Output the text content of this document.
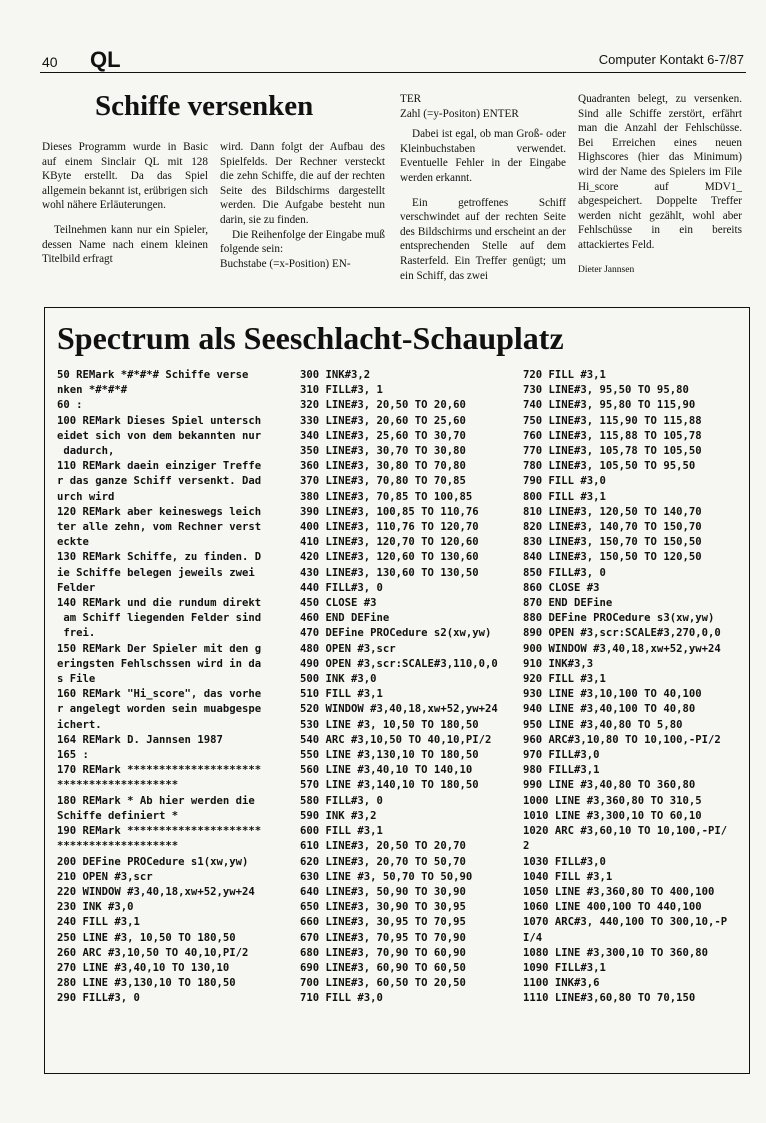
40 QL	Computer Kontakt 6-7/87
Schiffe versenken

Dieses Programm wurde in Basic auf einem Sinclair QL mit 128 KByte erstellt. Da das Spiel allgemein bekannt ist, erübrigen sich wohl nähere Erläuterungen.

Teilnehmen kann nur ein Spieler, dessen Name nach einem kleinen Titelbild erfragt

wird. Dann folgt der Aufbau des Spielfelds. Der Rechner versteckt die zehn Schiffe, die auf der rechten Seite des Bildschirms dargestellt werden. Die Aufgabe besteht nun darin, sie zu finden.

Die Reihenfolge der Eingabe muß folgende sein:

Buchstabe (=x-Position) EN-

TER

Zahl (=y-Positon) ENTER

Dabei ist egal, ob man Groß- oder Kleinbuchstaben verwendet. Eventuelle Fehler in der Eingabe werden erkannt.

Ein getroffenes Schiff verschwindet auf der rechten Seite des Bildschirms und erscheint an der entsprechenden Stelle auf dem Rasterfeld. Ein Treffer genügt; um ein Schiff, das zwei

Quadranten belegt, zu versenken. Sind alle Schiffe zerstört, erfährt man die Anzahl der Fehlschüsse. Bei Erreichen eines neuen Highscores (hier das Minimum) wird der Name des Spielers im File Hi_score auf MDV1_ abgespeichert. Doppelte Treffer werden nicht gezählt, wohl aber Fehlschüsse in ein bereits attackiertes Feld.

Dieter Jannsen
Spectrum als Seeschlacht-Schauplatz
50 REMark *#*#*# Schiffe verse
nken *#*#*#
60 :
100 REMark Dieses Spiel untersch
eidet sich von dem bekannten nur
dadurch,
110 REMark daein einziger Treffe
r das ganze Schiff versenkt. Dad
urch wird
120 REMark aber keineswegs leich
ter alle zehn, vom Rechner verst
eckte
130 REMark Schiffe, zu finden. D
ie Schiffe belegen jeweils zwei
Felder
140 REMark und die rundum direkt
am Schiff liegenden Felder sind
frei.
150 REMark Der Spieler mit den g
eringsten Fehlschssen wird in da
s File
160 REMark "Hi_score", das vorhe
r angelegt worden sein muabgespe
ichert.
164 REMark D. Jannsen 1987
165 :
170 REMark *********************
*******************
180 REMark * Ab hier werden die
Schiffe definiert *
190 REMark *********************
*******************
200 DEFine PROCedure s1(xw,yw)
210 OPEN #3,scr
220 WINDOW #3,40,18,xw+52,yw+24
230 INK #3,0
240 FILL #3,1
250 LINE #3, 10,50 TO 180,50
260 ARC #3,10,50 TO 40,10,PI/2
270 LINE #3,40,10 TO 130,10
280 LINE #3,130,10 TO 180,50
290 FILL#3, 0
300 INK#3,2
310 FILL#3, 1
320 LINE#3, 20,50 TO 20,60
330 LINE#3, 20,60 TO 25,60
340 LINE#3, 25,60 TO 30,70
350 LINE#3, 30,70 TO 30,80
360 LINE#3, 30,80 TO 70,80
370 LINE#3, 70,80 TO 70,85
380 LINE#3, 70,85 TO 100,85
390 LINE#3, 100,85 TO 110,76
400 LINE#3, 110,76 TO 120,70
410 LINE#3, 120,70 TO 120,60
420 LINE#3, 120,60 TO 130,60
430 LINE#3, 130,60 TO 130,50
440 FILL#3, 0
450 CLOSE #3
460 END DEFine
470 DEFine PROCedure s2(xw,yw)
480 OPEN #3,scr
490 OPEN #3,scr:SCALE#3,110,0,0
500 INK #3,0
510 FILL #3,1
520 WINDOW #3,40,18,xw+52,yw+24
530 LINE #3, 10,50 TO 180,50
540 ARC #3,10,50 TO 40,10,PI/2
550 LINE #3,130,10 TO 180,50
560 LINE #3,40,10 TO 140,10
570 LINE #3,140,10 TO 180,50
580 FILL#3, 0
590 INK #3,2
600 FILL #3,1
610 LINE#3, 20,50 TO 20,70
620 LINE#3, 20,70 TO 50,70
630 LINE #3, 50,70 TO 50,90
640 LINE#3, 50,90 TO 30,90
650 LINE#3, 30,90 TO 30,95
660 LINE#3, 30,95 TO 70,95
670 LINE#3, 70,95 TO 70,90
680 LINE#3, 70,90 TO 60,90
690 LINE#3, 60,90 TO 60,50
700 LINE#3, 60,50 TO 20,50
710 FILL #3,0
720 FILL #3,1
730 LINE#3, 95,50 TO 95,80
740 LINE#3, 95,80 TO 115,90
750 LINE#3, 115,90 TO 115,88
760 LINE#3, 115,88 TO 105,78
770 LINE#3, 105,78 TO 105,50
780 LINE#3, 105,50 TO 95,50
790 FILL #3,0
800 FILL #3,1
810 LINE#3, 120,50 TO 140,70
820 LINE#3, 140,70 TO 150,70
830 LINE#3, 150,70 TO 150,50
840 LINE#3, 150,50 TO 120,50
850 FILL#3, 0
860 CLOSE #3
870 END DEFine
880 DEFine PROCedure s3(xw,yw)
890 OPEN #3,scr:SCALE#3,270,0,0
900 WINDOW #3,40,18,xw+52,yw+24
910 INK#3,3
920 FILL #3,1
930 LINE #3,10,100 TO 40,100
940 LINE #3,40,100 TO 40,80
950 LINE #3,40,80 TO 5,80
960 ARC#3,10,80 TO 10,100,-PI/2
970 FILL#3,0
980 FILL#3,1
990 LINE #3,40,80 TO 360,80
1000 LINE #3,360,80 TO 310,5
1010 LINE #3,300,10 TO 60,10
1020 ARC #3,60,10 TO 10,100,-PI/
2
1030 FILL#3,0
1040 FILL #3,1
1050 LINE #3,360,80 TO 400,100
1060 LINE 400,100 TO 440,100
1070 ARC#3, 440,100 TO 300,10,-P
I/4
1080 LINE #3,300,10 TO 360,80
1090 FILL#3,1
1100 INK#3,6
1110 LINE#3,60,80 TO 70,150
